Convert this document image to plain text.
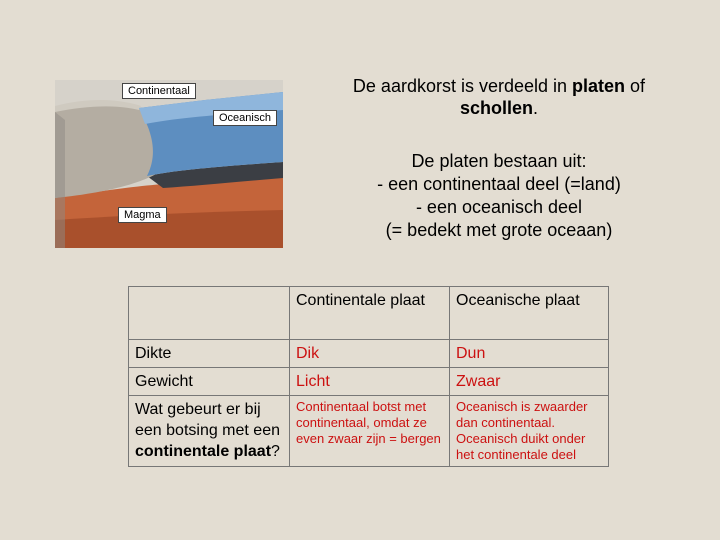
Continentaal
Oceanisch
Magma
De aardkorst is verdeeld in platen of
schollen.
De platen bestaan uit:
- een continentaal deel (=land)
- een oceanisch deel
(= bedekt met grote oceaan)
	Continentale plaat	Oceanische plaat
Dikte	Dik	Dun
Gewicht	Licht	Zwaar
Wat gebeurt er bij een botsing met een continentale plaat?	Continentaal botst met continentaal, omdat ze even zwaar zijn = bergen	Oceanisch is zwaarder dan continentaal. Oceanisch duikt onder het continentale deel
